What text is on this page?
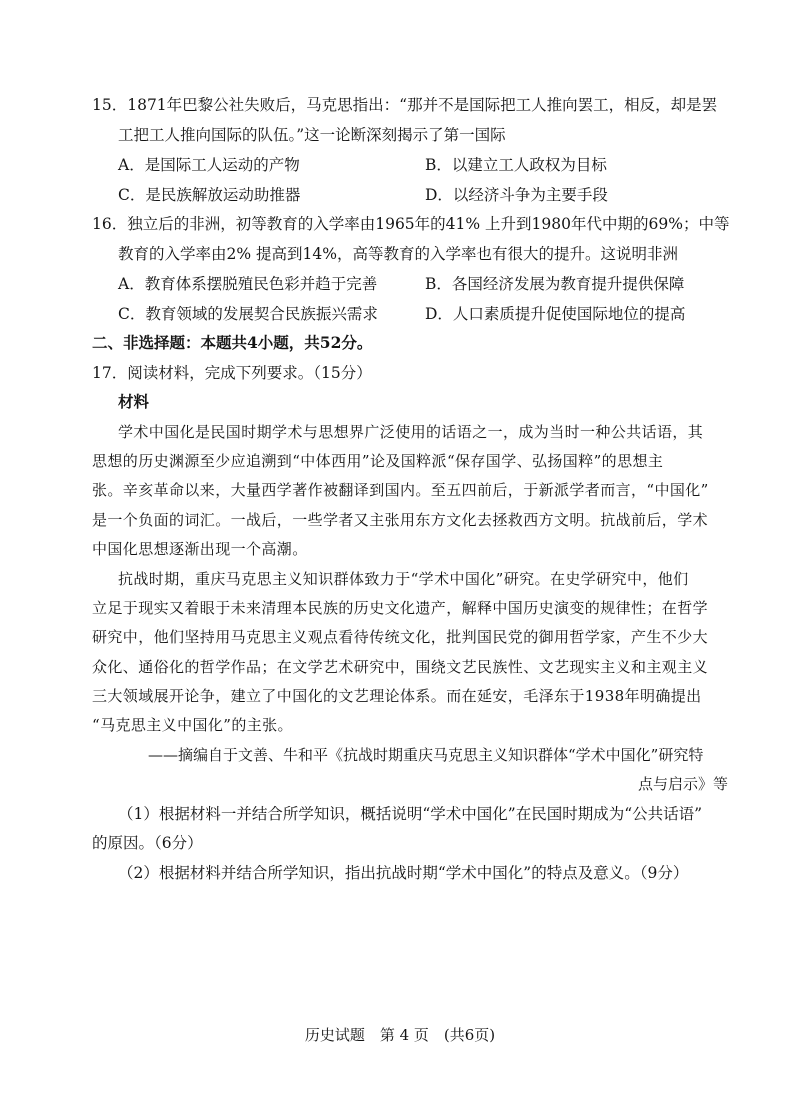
15．1871年巴黎公社失败后，马克思指出：“那并不是国际把工人推向罢工，相反，却是罢
工把工人推向国际的队伍。”这一论断深刻揭示了第一国际
A．是国际工人运动的产物	B．以建立工人政权为目标
C．是民族解放运动助推器	D．以经济斗争为主要手段
16．独立后的非洲，初等教育的入学率由1965年的41% 上升到1980年代中期的69%；中等
教育的入学率由2% 提高到14%，高等教育的入学率也有很大的提升。这说明非洲
A．教育体系摆脱殖民色彩并趋于完善	B．各国经济发展为教育提升提供保障
C．教育领域的发展契合民族振兴需求	D．人口素质提升促使国际地位的提高
二、非选择题：本题共4小题，共52分。
17．阅读材料，完成下列要求。（15分）
材料
学术中国化是民国时期学术与思想界广泛使用的话语之一，成为当时一种公共话语，其
思想的历史渊源至少应追溯到“中体西用”论及国粹派“保存国学、弘扬国粹”的思想主
张。辛亥革命以来，大量西学著作被翻译到国内。至五四前后，于新派学者而言，“中国化”
是一个负面的词汇。一战后，一些学者又主张用东方文化去拯救西方文明。抗战前后，学术
中国化思想逐渐出现一个高潮。
抗战时期，重庆马克思主义知识群体致力于“学术中国化”研究。在史学研究中，他们
立足于现实又着眼于未来清理本民族的历史文化遗产，解释中国历史演变的规律性；在哲学
研究中，他们坚持用马克思主义观点看待传统文化，批判国民党的御用哲学家，产生不少大
众化、通俗化的哲学作品；在文学艺术研究中，围绕文艺民族性、文艺现实主义和主观主义
三大领域展开论争，建立了中国化的文艺理论体系。而在延安，毛泽东于1938年明确提出
“马克思主义中国化”的主张。
——摘编自于文善、牛和平《抗战时期重庆马克思主义知识群体“学术中国化”研究特
点与启示》等
（1）根据材料一并结合所学知识，概括说明“学术中国化”在民国时期成为“公共话语”
的原因。（6分）
（2）根据材料并结合所学知识，指出抗战时期“学术中国化”的特点及意义。（9分）
历史试题　第 4 页　(共6页)
